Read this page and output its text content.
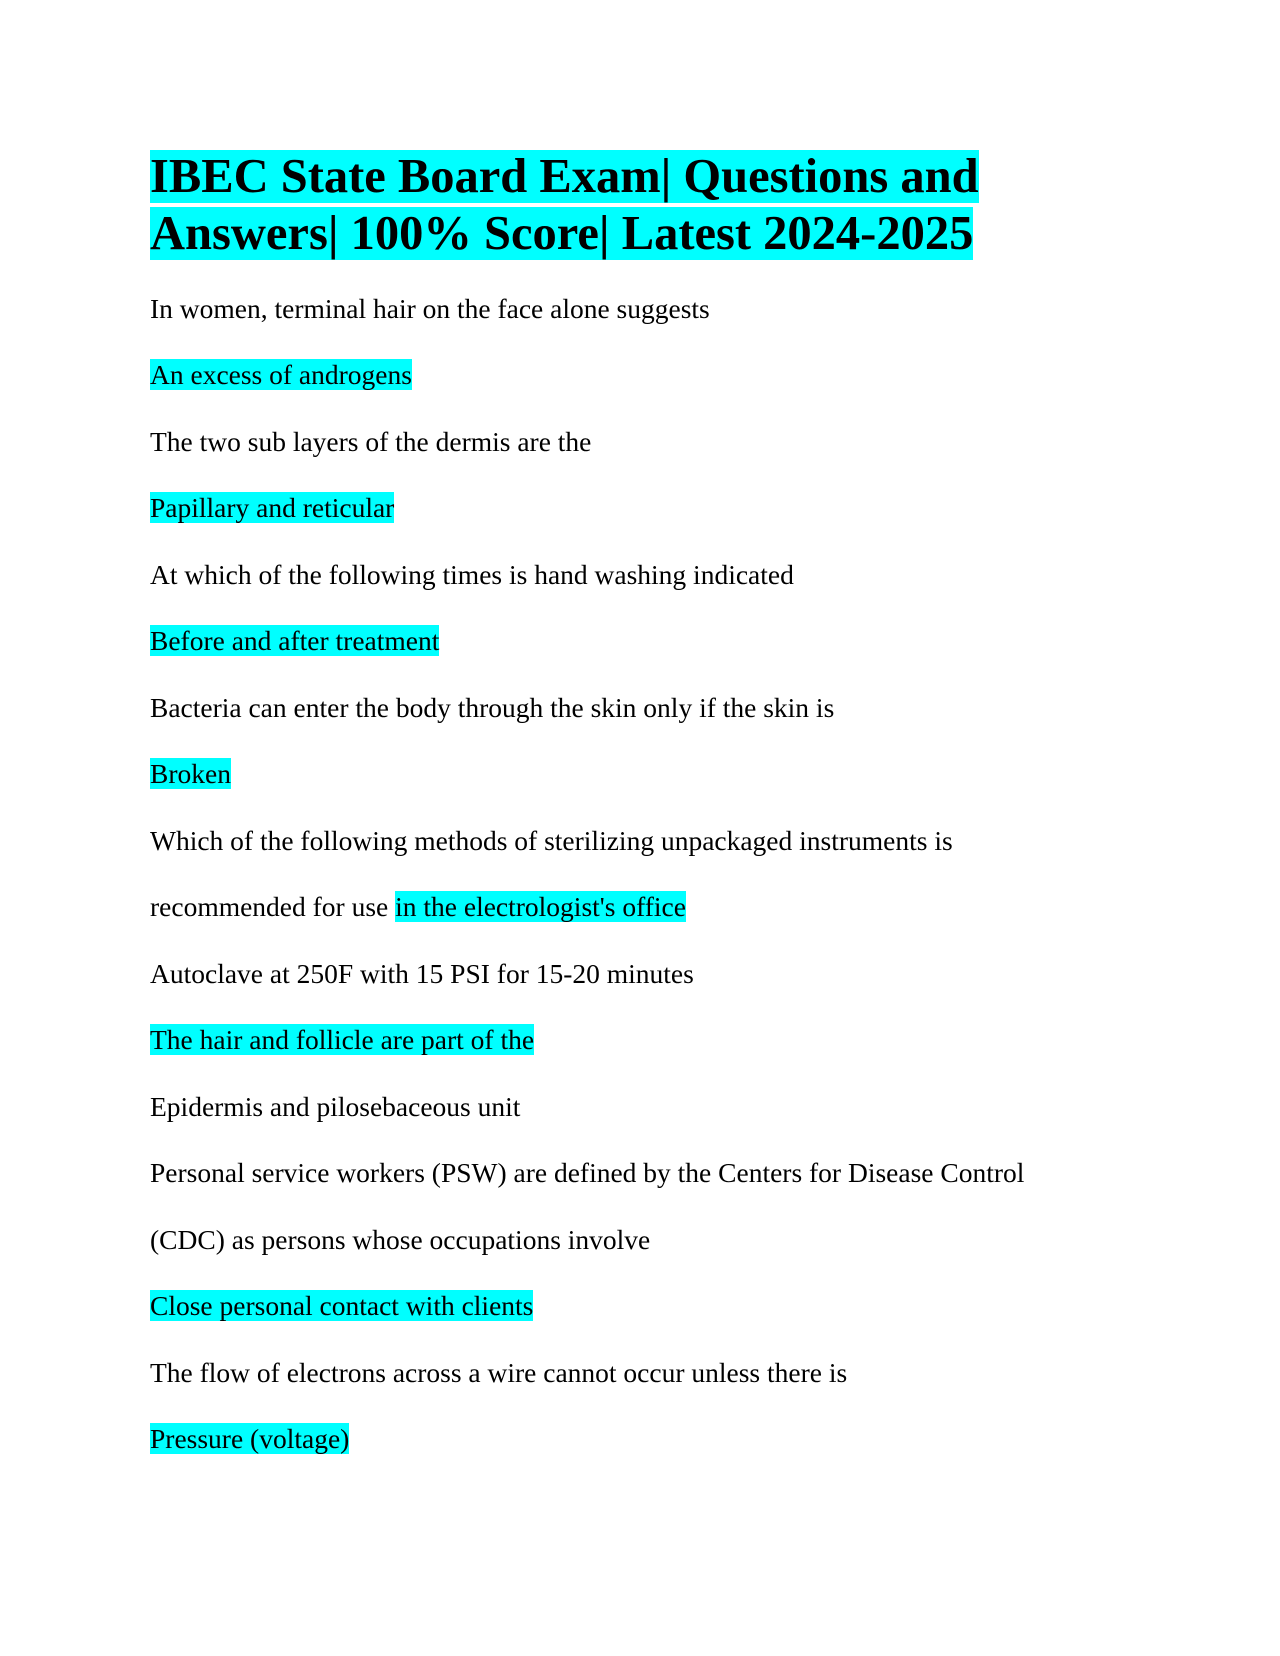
IBEC State Board Exam| Questions and
Answers| 100% Score| Latest 2024-2025

In women, terminal hair on the face alone suggests

An excess of androgens

The two sub layers of the dermis are the

Papillary and reticular

At which of the following times is hand washing indicated

Before and after treatment

Bacteria can enter the body through the skin only if the skin is

Broken

Which of the following methods of sterilizing unpackaged instruments is

recommended for use in the electrologist's office

Autoclave at 250F with 15 PSI for 15-20 minutes

The hair and follicle are part of the

Epidermis and pilosebaceous unit

Personal service workers (PSW) are defined by the Centers for Disease Control

(CDC) as persons whose occupations involve

Close personal contact with clients

The flow of electrons across a wire cannot occur unless there is

Pressure (voltage)
